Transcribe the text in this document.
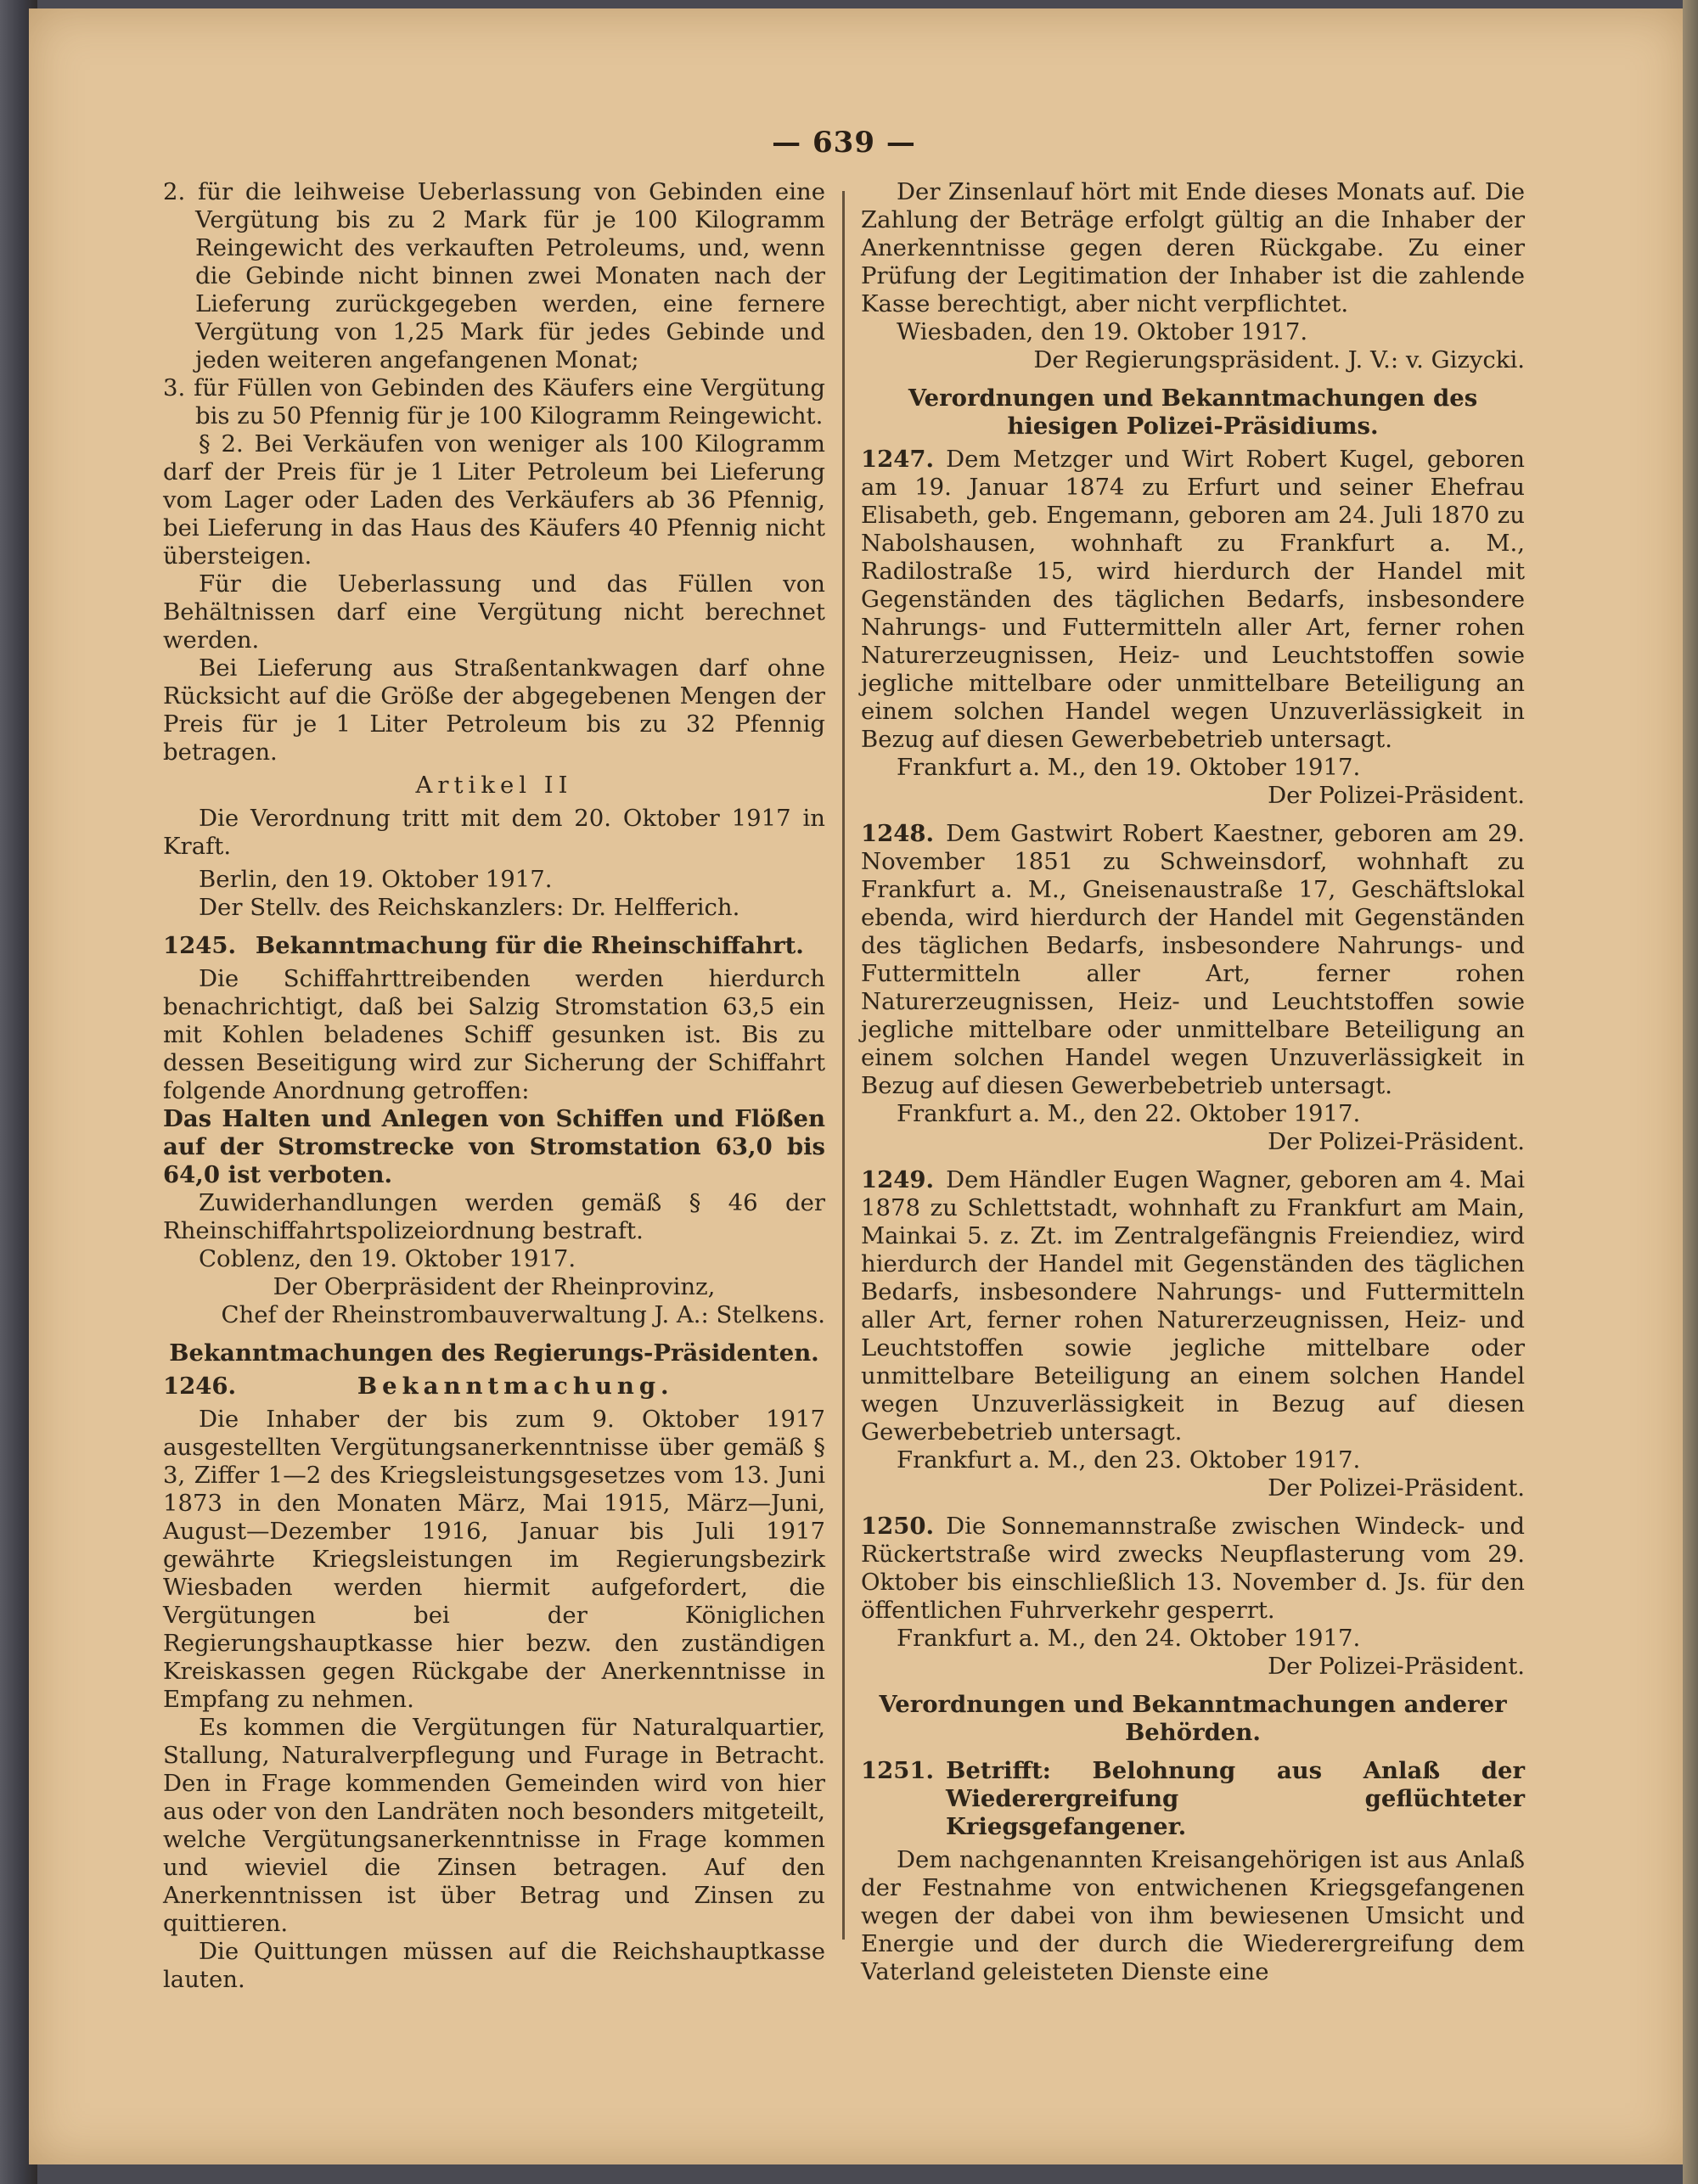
— 639 —

2. für die leihweise Ueberlassung von Gebinden eine Vergütung bis zu 2 Mark für je 100 Kilogramm Reingewicht des verkauften Petroleums, und, wenn die Gebinde nicht binnen zwei Monaten nach der Lieferung zurückgegeben werden, eine fernere Vergütung von 1,25 Mark für jedes Gebinde und jeden weiteren angefangenen Monat;

3. für Füllen von Gebinden des Käufers eine Vergütung bis zu 50 Pfennig für je 100 Kilogramm Reingewicht.

§ 2. Bei Verkäufen von weniger als 100 Kilogramm darf der Preis für je 1 Liter Petroleum bei Lieferung vom Lager oder Laden des Verkäufers ab 36 Pfennig, bei Lieferung in das Haus des Käufers 40 Pfennig nicht übersteigen.

Für die Ueberlassung und das Füllen von Behältnissen darf eine Vergütung nicht berechnet werden.

Bei Lieferung aus Straßentankwagen darf ohne Rücksicht auf die Größe der abgegebenen Mengen der Preis für je 1 Liter Petroleum bis zu 32 Pfennig betragen.

Artikel II

Die Verordnung tritt mit dem 20. Oktober 1917 in Kraft.

Berlin, den 19. Oktober 1917.

Der Stellv. des Reichskanzlers: Dr. Helfferich.

1245. Bekanntmachung für die Rheinschiffahrt.

Die Schiffahrttreibenden werden hierdurch benachrichtigt, daß bei Salzig Stromstation 63,5 ein mit Kohlen beladenes Schiff gesunken ist. Bis zu dessen Beseitigung wird zur Sicherung der Schiffahrt folgende Anordnung getroffen:

Das Halten und Anlegen von Schiffen und Flößen auf der Stromstrecke von Stromstation 63,0 bis 64,0 ist verboten.

Zuwiderhandlungen werden gemäß § 46 der Rheinschiffahrtspolizeiordnung bestraft.

Coblenz, den 19. Oktober 1917.

Der Oberpräsident der Rheinprovinz,

Chef der Rheinstrombauverwaltung J. A.: Stelkens.

Bekanntmachungen des Regierungs-Präsidenten.

1246.	Bekanntmachung.

Die Inhaber der bis zum 9. Oktober 1917 ausgestellten Vergütungsanerkenntnisse über gemäß § 3, Ziffer 1—2 des Kriegsleistungsgesetzes vom 13. Juni 1873 in den Monaten März, Mai 1915, März—Juni, August—Dezember 1916, Januar bis Juli 1917 gewährte Kriegsleistungen im Regierungsbezirk Wiesbaden werden hiermit aufgefordert, die Vergütungen bei der Königlichen Regierungshauptkasse hier bezw. den zuständigen Kreiskassen gegen Rückgabe der Anerkenntnisse in Empfang zu nehmen.

Es kommen die Vergütungen für Naturalquartier, Stallung, Naturalverpflegung und Furage in Betracht. Den in Frage kommenden Gemeinden wird von hier aus oder von den Landräten noch besonders mitgeteilt, welche Vergütungsanerkenntnisse in Frage kommen und wieviel die Zinsen betragen. Auf den Anerkenntnissen ist über Betrag und Zinsen zu quittieren.

Die Quittungen müssen auf die Reichshauptkasse lauten.

Der Zinsenlauf hört mit Ende dieses Monats auf. Die Zahlung der Beträge erfolgt gültig an die Inhaber der Anerkenntnisse gegen deren Rückgabe. Zu einer Prüfung der Legitimation der Inhaber ist die zahlende Kasse berechtigt, aber nicht verpflichtet.

Wiesbaden, den 19. Oktober 1917.

Der Regierungspräsident. J. V.: v. Gizycki.

Verordnungen und Bekanntmachungen des hiesigen Polizei-Präsidiums.

1247. Dem Metzger und Wirt Robert Kugel, geboren am 19. Januar 1874 zu Erfurt und seiner Ehefrau Elisabeth, geb. Engemann, geboren am 24. Juli 1870 zu Nabolshausen, wohnhaft zu Frankfurt a. M., Radilostraße 15, wird hierdurch der Handel mit Gegenständen des täglichen Bedarfs, insbesondere Nahrungs- und Futtermitteln aller Art, ferner rohen Naturerzeugnissen, Heiz- und Leuchtstoffen sowie jegliche mittelbare oder unmittelbare Beteiligung an einem solchen Handel wegen Unzuverlässigkeit in Bezug auf diesen Gewerbebetrieb untersagt.

Frankfurt a. M., den 19. Oktober 1917.

Der Polizei-Präsident.

1248. Dem Gastwirt Robert Kaestner, geboren am 29. November 1851 zu Schweinsdorf, wohnhaft zu Frankfurt a. M., Gneisenaustraße 17, Geschäftslokal ebenda, wird hierdurch der Handel mit Gegenständen des täglichen Bedarfs, insbesondere Nahrungs- und Futtermitteln aller Art, ferner rohen Naturerzeugnissen, Heiz- und Leuchtstoffen sowie jegliche mittelbare oder unmittelbare Beteiligung an einem solchen Handel wegen Unzuverlässigkeit in Bezug auf diesen Gewerbebetrieb untersagt.

Frankfurt a. M., den 22. Oktober 1917.

Der Polizei-Präsident.

1249. Dem Händler Eugen Wagner, geboren am 4. Mai 1878 zu Schlettstadt, wohnhaft zu Frankfurt am Main, Mainkai 5. z. Zt. im Zentralgefängnis Freiendiez, wird hierdurch der Handel mit Gegenständen des täglichen Bedarfs, insbesondere Nahrungs- und Futtermitteln aller Art, ferner rohen Naturerzeugnissen, Heiz- und Leuchtstoffen sowie jegliche mittelbare oder unmittelbare Beteiligung an einem solchen Handel wegen Unzuverlässigkeit in Bezug auf diesen Gewerbebetrieb untersagt.

Frankfurt a. M., den 23. Oktober 1917.

Der Polizei-Präsident.

1250. Die Sonnemannstraße zwischen Windeck- und Rückertstraße wird zwecks Neupflasterung vom 29. Oktober bis einschließlich 13. November d. Js. für den öffentlichen Fuhrverkehr gesperrt.

Frankfurt a. M., den 24. Oktober 1917.

Der Polizei-Präsident.

Verordnungen und Bekanntmachungen anderer Behörden.

1251. Betrifft: Belohnung aus Anlaß der Wiederergreifung geflüchteter Kriegsgefangener.

Dem nachgenannten Kreisangehörigen ist aus Anlaß der Festnahme von entwichenen Kriegsgefangenen wegen der dabei von ihm bewiesenen Umsicht und Energie und der durch die Wiederergreifung dem Vaterland geleisteten Dienste eine
